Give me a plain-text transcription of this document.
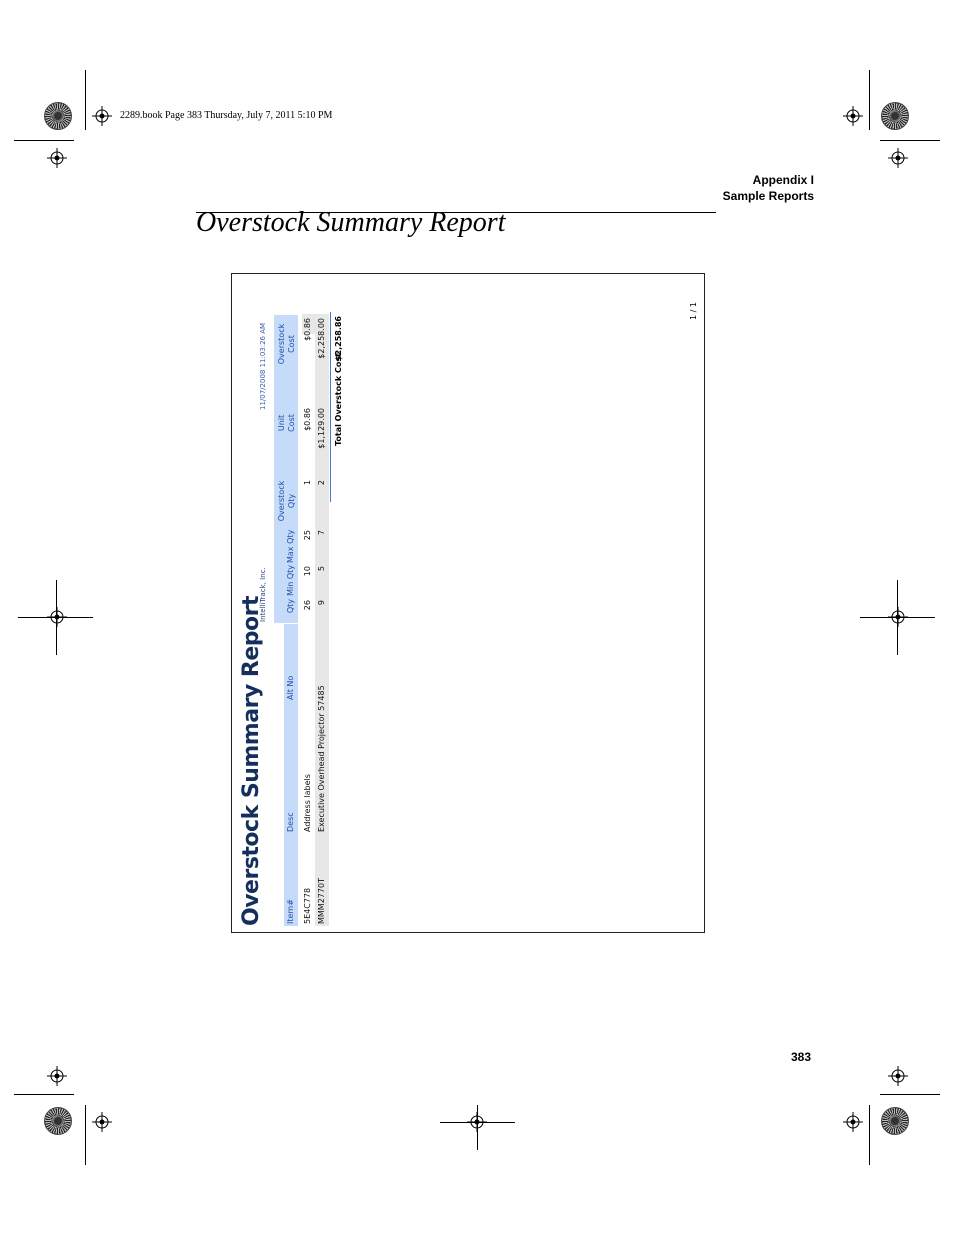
2289.book Page 383 Thursday, July 7, 2011 5:10 PM
Appendix I
Sample Reports
Overstock Summary Report
Overstock Summary Report
IntelliTrack, Inc.
11/07/2008 11:03:26 AM
Item#
Desc
Alt No
Qty
Min Qty
Max Qty
Overstock Qty
Unit Cost
Overstock Cost
5E4C778
Address labels
26
10
25
1
$0.86
$0.86
MMM2770T
Executive Overhead Projector 57485
9
5
7
2
$1,129.00
$2,258.00
Total Overstock Cost:
$2,258.86
1 / 1
383
